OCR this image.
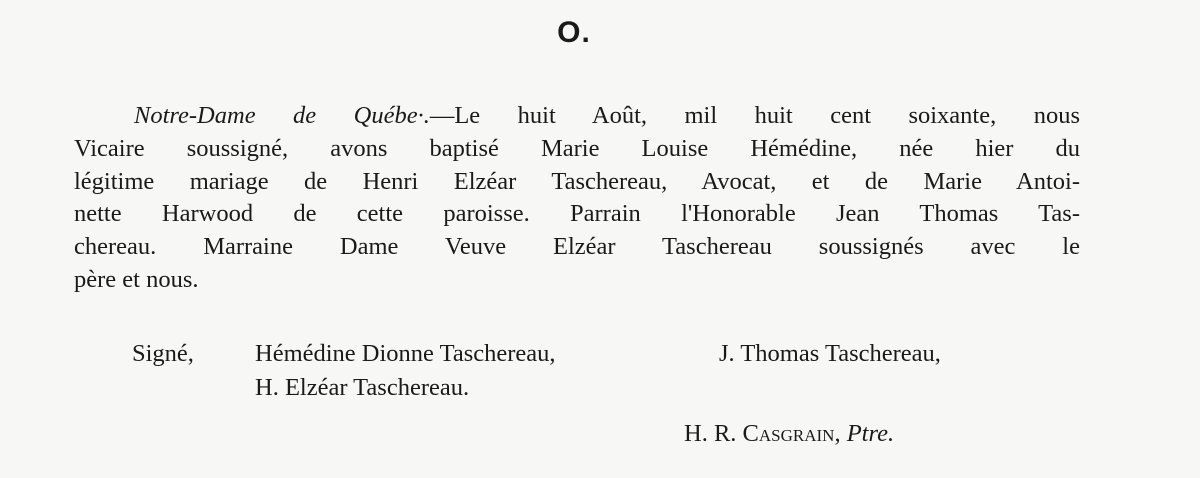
O.
Notre-Dame de Québe·.—Le huit Août, mil huit cent soixante, nous
Vicaire soussigné, avons baptisé Marie Louise Hémédine, née hier du
légitime mariage de Henri Elzéar Taschereau, Avocat, et de Marie Antoi-
nette Harwood de cette paroisse. Parrain l'Honorable Jean Thomas Tas-
chereau. Marraine Dame Veuve Elzéar Taschereau soussignés avec le
père et nous.
Signé, Hémédine Dionne Taschereau,	J. Thomas Taschereau,
H. Elzéar Taschereau.
H. R. Casgrain, Ptre.
